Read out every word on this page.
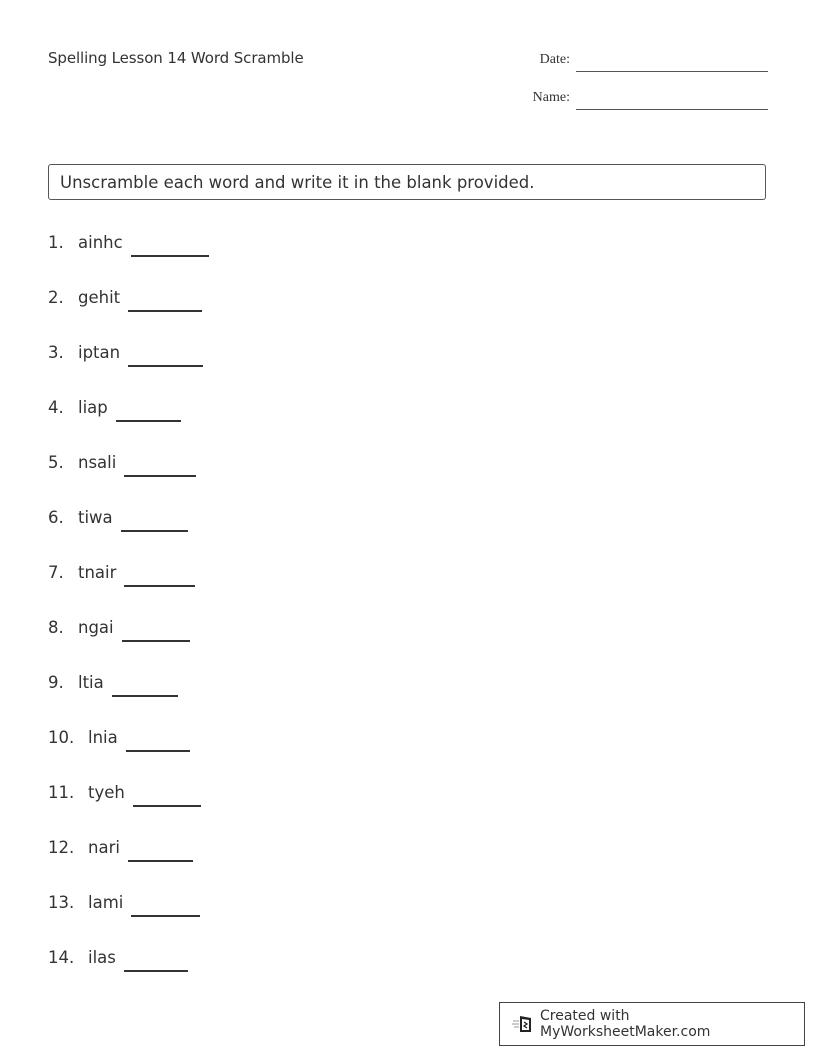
Spelling Lesson 14 Word Scramble	Date:
Name:
Unscramble each word and write it in the blank provided.
1. ainhc
2. gehit
3. iptan
4. liap
5. nsali
6. tiwa
7. tnair
8. ngai
9. ltia
10. lnia
11. tyeh
12. nari
13. lami
14. ilas
Created with MyWorksheetMaker.com
